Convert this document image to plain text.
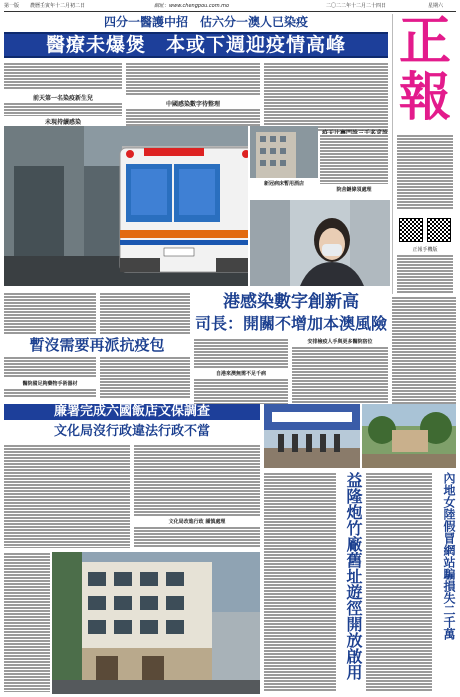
第一版 農曆壬寅年十二月初二日	網址：www.chengpou.com.mo	二〇二二年十二月二十四日	星期六
四分一醫護中招　估六分一澳人已染疫
醫療未爆煲　本或下週迎疫情高峰
前天第一名染疫新生兒
未現持續感染
中國感染數字待整理
新冠病床暫用酒店
院舍鏈條須處理
正報
正報手機版
暫沒需要再派抗疫包
醫院備足夠藥物手術器材
港感染數字創新高
司長：開關不增加本澳風險
自港來澳無需不足千病
安排檢疫人手與更多醫院宿位
廉署完成六國飯店文保調查
文化局沒行政違法行政不當
文化局改進行政 謹慎處理	益隆炮竹廠舊址遊徑開放啟用	內地女陸假冒網站騙損失二千萬
